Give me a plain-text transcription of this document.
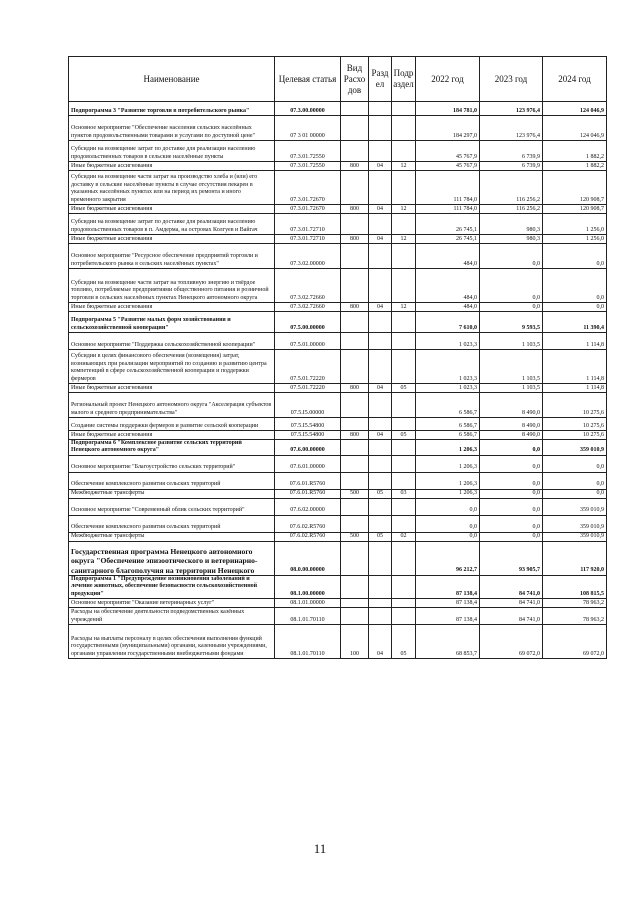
Наименование	Целевая статья	Вид Расхо дов	Разд ел	Подр аздел	2022 год	2023 год	2024 год
Подпрограмма 3 "Развитие торговли в потребительского рынка"	07.3.00.00000				184 781,0	123 976,4	124 046,9
Основное мероприятие "Обеспечение населения сельских населённых пунктов продовольственными товарами и услугами по доступной цене"	07 3 01 00000				184 297,0	123 976,4	124 046,9
Субсидии на возмещение затрат по доставке для реализации населению продовольственных товаров в сельские населённые пункты	07.3.01.72550				45 767,9	6 739,9	1 882,2
Иные бюджетные ассигнования	07.3.01.72550	800	04	12	45 767,9	6 739,9	1 882,2
Субсидии на возмещение части затрат на производство хлеба и (или) его доставку в сельские населённые пункты в случае отсутствия пекарен в указанных населённых пунктах или на период их ремонта и иного временного закрытия	07.3.01.72670				111 784,0	116 256,2	120 908,7
Иные бюджетные ассигнования	07.3.01.72670	800	04	12	111 784,0	116 256,2	120 908,7
Субсидии на возмещение затрат по доставке для реализации населению продовольственных товаров в п. Амдерма, на островах Колгуев и Вайгач	07.3.01.72710				26 745,1	980,3	1 256,0
Иные бюджетные ассигнования	07.3.01.72710	800	04	12	26 745,1	980,3	1 256,0
Основное мероприятие "Ресурсное обеспечение предприятий торговли и потребительского рынка в сельских населённых пунктах"	07.3.02.00000				484,0	0,0	0,0
Субсидии на возмещение части затрат на топливную энергию и твёрдое топливо, потребляемые предприятиями общественного питания и розничной торговли в сельских населённых пунктах Ненецкого автономного округа	07.3.02.72660				484,0	0,0	0,0
Иные бюджетные ассигнования	07.3.02.72660	800	04	12	484,0	0,0	0,0
Подпрограмма 5 "Развитие малых форм хозяйствования и сельскохозяйственной кооперации"	07.5.00.00000				7 610,0	9 593,5	11 390,4
Основное мероприятие "Поддержка сельскохозяйственной кооперации"	07.5.01.00000				1 023,3	1 103,5	1 114,8
Субсидии в целях финансового обеспечения (возмещения) затрат, возникающих при реализации мероприятий по созданию и развитию центра компетенций в сфере сельскохозяйственной кооперации и поддержки фермеров	07.5.01.72220				1 023,3	1 103,5	1 114,8
Иные бюджетные ассигнования	07.5.01.72220	800	04	05	1 023,3	1 103,5	1 114,8
Региональный проект Ненецкого автономного округа "Акселерация субъектов малого и среднего предпринимательства"	07.5.I5.00000				6 586,7	8 490,0	10 275,6
Создание системы поддержки фермеров и развитие сельской кооперации	07.5.I5.54800				6 586,7	8 490,0	10 275,6
Иные бюджетные ассигнования	07.5.I5.54800	800	04	05	6 586,7	8 490,0	10 275,6
Подпрограмма 6 "Комплексное развитие сельских территорий Ненецкого автономного округа"	07.6.00.00000				1 206,3	0,0	359 010,9
Основное мероприятие "Благоустройство сельских территорий"	07.6.01.00000				1 206,3	0,0	0,0
Обеспечение комплексного развития сельских территорий	07.6.01.R5760				1 206,3	0,0	0,0
Межбюджетные трансферты	07.6.01.R5760	500	05	03	1 206,3	0,0	0,0
Основное мероприятие "Современный облик сельских территорий"	07.6.02.00000				0,0	0,0	359 010,9
Обеспечение комплексного развития сельских территорий	07.6.02.R5760				0,0	0,0	359 010,9
Межбюджетные трансферты	07.6.02.R5760	500	05	02	0,0	0,0	359 010,9
Государственная программа Ненецкого автономного округа "Обеспечение эпизоотического и ветеринарно-санитарного благополучия на территории Ненецкого	08.0.00.00000				96 212,7	93 905,7	117 920,0
Подпрограмма 1 "Предупреждение возникновения заболеваний и лечение животных, обеспечение безопасности сельскохозяйственной продукции"	08.1.00.00000				87 138,4	84 741,0	108 815,5
Основное мероприятие "Оказание ветеринарных услуг"	08.1.01.00000				87 138,4	84 741,0	78 963,2
Расходы на обеспечение деятельности подведомственных казённых учреждений	08.1.01.70110				87 138,4	84 741,0	78 963,2
Расходы на выплаты персоналу в целях обеспечения выполнения функций государственными (муниципальными) органами, казенными учреждениями, органами управления государственными внебюджетными фондами	08.1.01.70110	100	04	05	68 853,7	69 072,0	69 072,0
11
